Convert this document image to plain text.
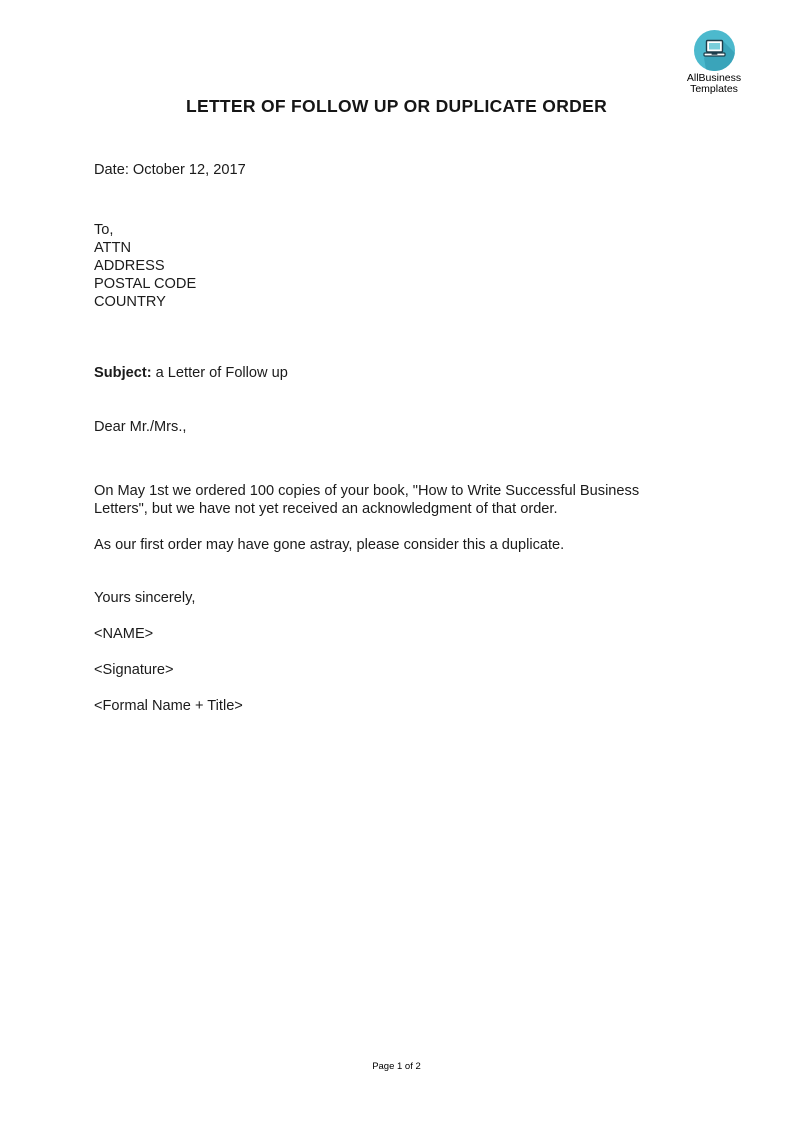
AllBusiness
Templates
LETTER OF FOLLOW UP OR DUPLICATE ORDER
Date: October 12, 2017
To,
ATTN
ADDRESS
POSTAL CODE
COUNTRY
Subject: a Letter of Follow up
Dear Mr./Mrs.,
On May 1st we ordered 100 copies of your book, "How to Write Successful Business Letters", but we have not yet received an acknowledgment of that order.
As our first order may have gone astray, please consider this a duplicate.
Yours sincerely,
<NAME>
<Signature>
<Formal Name + Title>
Page 1 of 2
